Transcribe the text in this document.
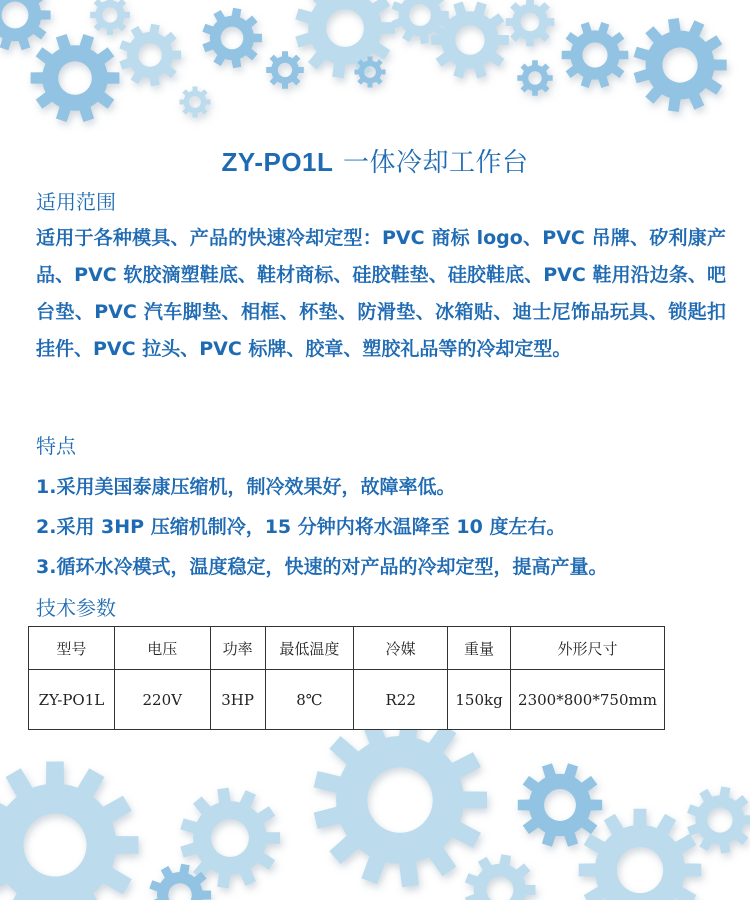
ZY-PO1L 一体冷却工作台
适用范围
适用于各种模具、产品的快速冷却定型：PVC 商标 logo、PVC 吊牌、矽利康产品、PVC 软胶滴塑鞋底、鞋材商标、硅胶鞋垫、硅胶鞋底、PVC 鞋用沿边条、吧台垫、PVC 汽车脚垫、相框、杯垫、防滑垫、冰箱贴、迪士尼饰品玩具、锁匙扣挂件、PVC 拉头、PVC 标牌、胶章、塑胶礼品等的冷却定型。
特点
1.采用美国泰康压缩机，制冷效果好，故障率低。
2.采用 3HP 压缩机制冷，15 分钟内将水温降至 10 度左右。
3.循环水冷模式，温度稳定，快速的对产品的冷却定型，提高产量。
技术参数
型号	电压	功率	最低温度	冷媒	重量	外形尺寸
ZY-PO1L	220V	3HP	8℃	R22	150kg	2300*800*750mm
